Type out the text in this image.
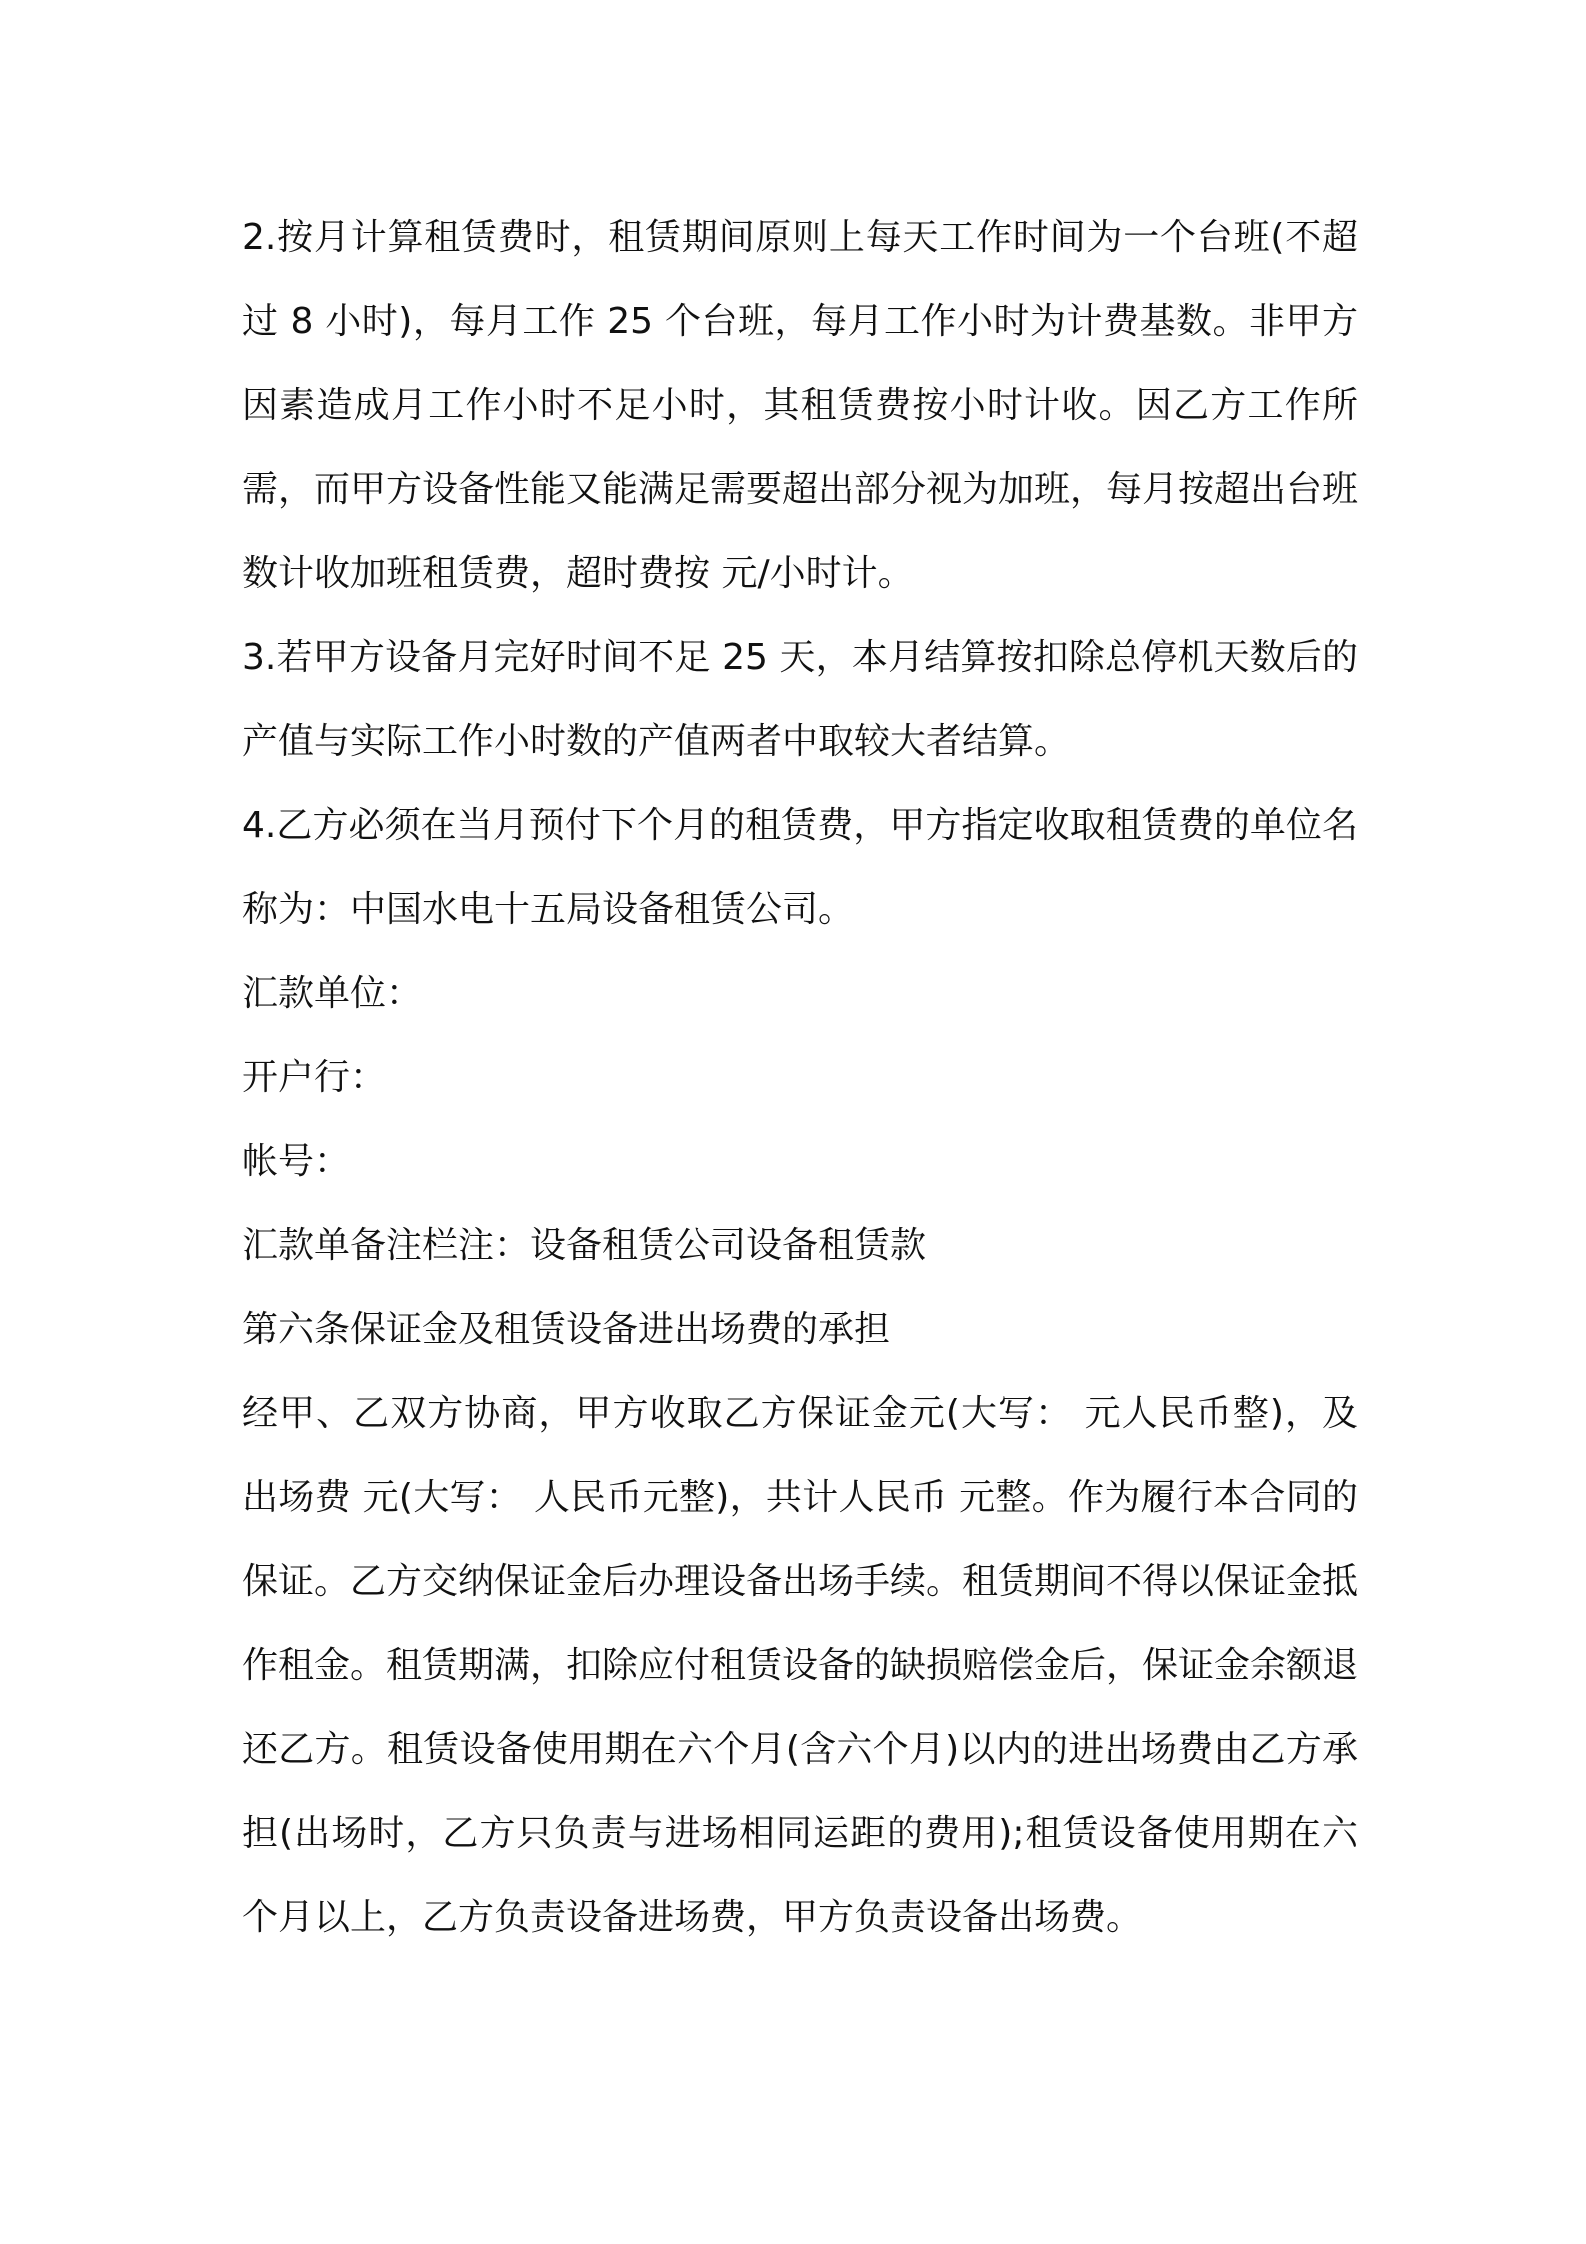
2.按月计算租赁费时，租赁期间原则上每天工作时间为一个台班(不超过 8 小时)，每月工作 25 个台班，每月工作小时为计费基数。非甲方因素造成月工作小时不足小时，其租赁费按小时计收。因乙方工作所需，而甲方设备性能又能满足需要超出部分视为加班，每月按超出台班数计收加班租赁费，超时费按 元/小时计。

3.若甲方设备月完好时间不足 25 天，本月结算按扣除总停机天数后的产值与实际工作小时数的产值两者中取较大者结算。

4.乙方必须在当月预付下个月的租赁费，甲方指定收取租赁费的单位名称为：中国水电十五局设备租赁公司。

汇款单位：

开户行：

帐号：

汇款单备注栏注：设备租赁公司设备租赁款

第六条保证金及租赁设备进出场费的承担

经甲、乙双方协商，甲方收取乙方保证金元(大写： 元人民币整)，及出场费 元(大写： 人民币元整)，共计人民币 元整。作为履行本合同的保证。乙方交纳保证金后办理设备出场手续。租赁期间不得以保证金抵作租金。租赁期满，扣除应付租赁设备的缺损赔偿金后，保证金余额退还乙方。租赁设备使用期在六个月(含六个月)以内的进出场费由乙方承担(出场时，乙方只负责与进场相同运距的费用);租赁设备使用期在六个月以上，乙方负责设备进场费，甲方负责设备出场费。
